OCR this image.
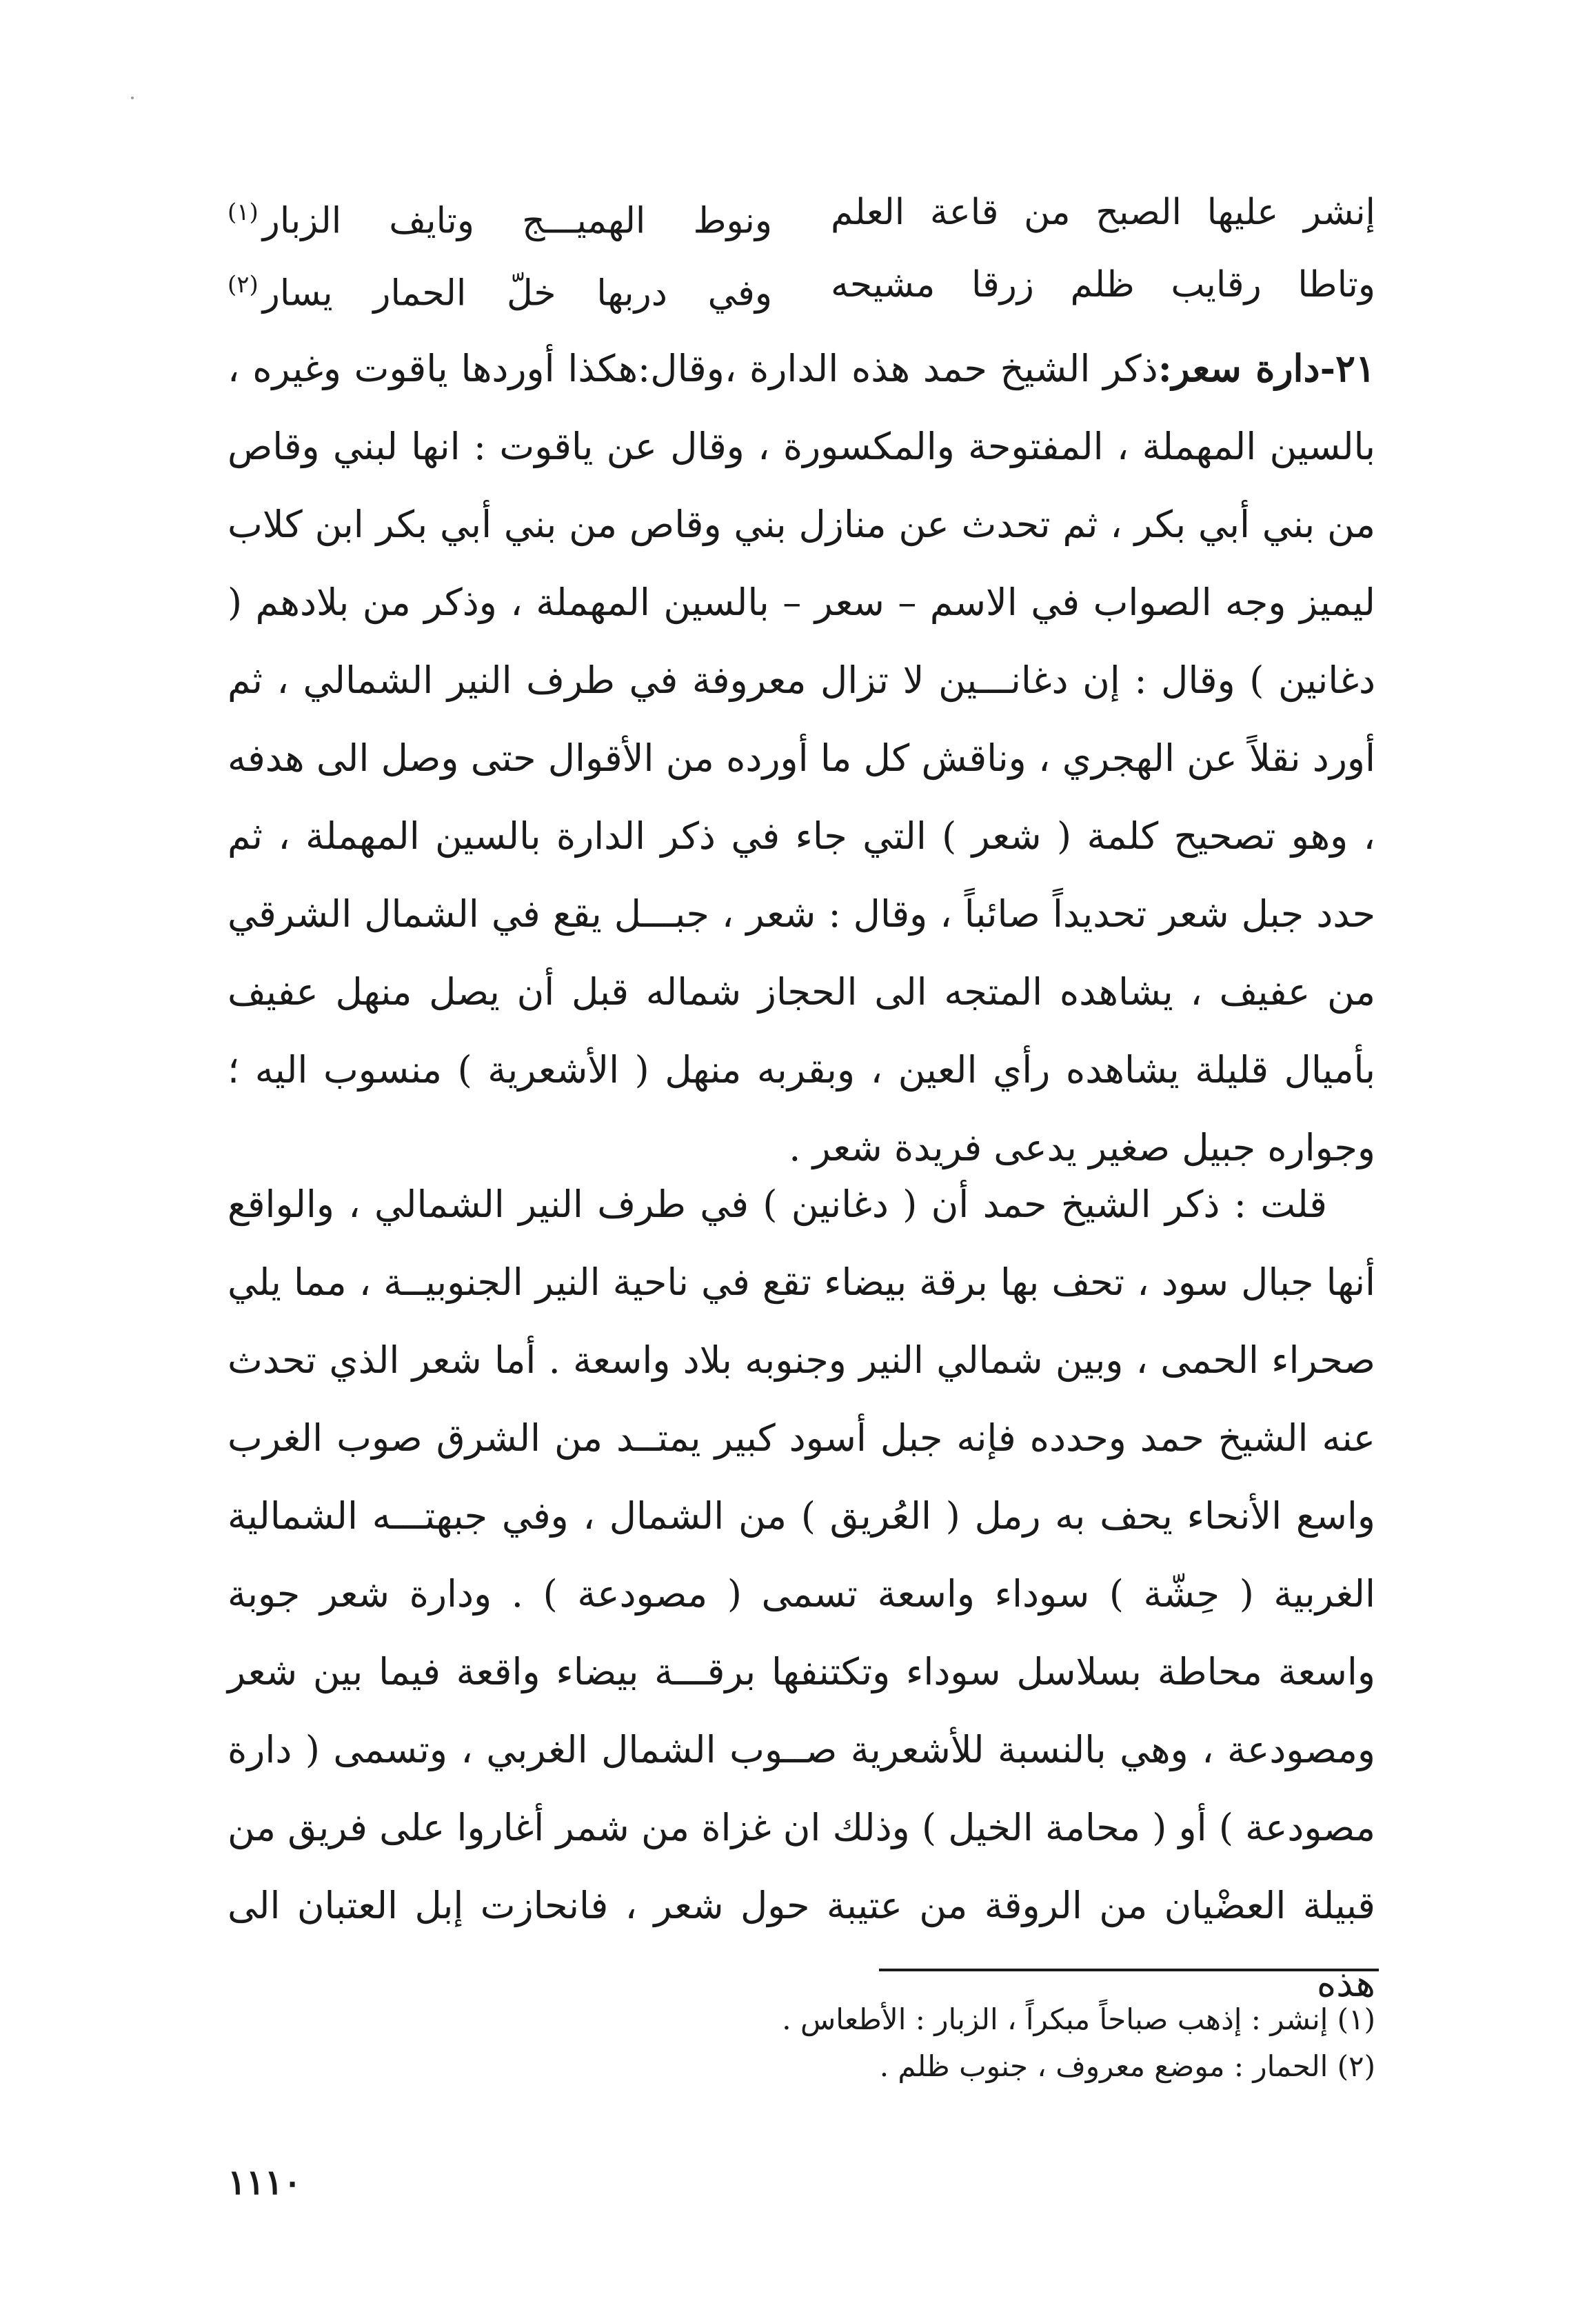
إنشر عليها الصبح من قاعة العلم
ونوط الهميـــج وتايف الزبار$^{(١)}$
وتاطا رقايب ظلم زرقا مشيحه
وفي دربها خلّ الحمار يسار$^{(٢)}$
٢١-دارة سعر:ذكر الشيخ حمد هذه الدارة ،وقال:هكذا أوردها ياقوت وغيره ، بالسين المهملة ، المفتوحة والمكسورة ، وقال عن ياقوت : انها لبني وقاص من بني أبي بكر ، ثم تحدث عن منازل بني وقاص من بني أبي بكر ابن كلاب ليميز وجه الصواب في الاسم – سعر – بالسين المهملة ، وذكر من بلادهم ( دغانين ) وقال : إن دغانـــين لا تزال معروفة في طرف النير الشمالي ، ثم أورد نقلاً عن الهجري ، وناقش كل ما أورده من الأقوال حتى وصل الى هدفه ، وهو تصحيح كلمة ( شعر ) التي جاء في ذكر الدارة بالسين المهملة ، ثم حدد جبل شعر تحديداً صائباً ، وقال : شعر ، جبـــل يقع في الشمال الشرقي من عفيف ، يشاهده المتجه الى الحجاز شماله قبل أن يصل منهل عفيف بأميال قليلة يشاهده رأي العين ، وبقربه منهل ( الأشعرية ) منسوب اليه ؛ وجواره جبيل صغير يدعى فريدة شعر .
قلت : ذكر الشيخ حمد أن ( دغانين ) في طرف النير الشمالي ، والواقع أنها جبال سود ، تحف بها برقة بيضاء تقع في ناحية النير الجنوبيــة ، مما يلي صحراء الحمى ، وبين شمالي النير وجنوبه بلاد واسعة . أما شعر الذي تحدث عنه الشيخ حمد وحدده فإنه جبل أسود كبير يمتــد من الشرق صوب الغرب واسع الأنحاء يحف به رمل ( العُريق ) من الشمال ، وفي جبهتـــه الشمالية الغربية ( حِشّة ) سوداء واسعة تسمى ( مصودعة ) . ودارة شعر جوبة واسعة محاطة بسلاسل سوداء وتكتنفها برقـــة بيضاء واقعة فيما بين شعر ومصودعة ، وهي بالنسبة للأشعرية صــوب الشمال الغربي ، وتسمى ( دارة مصودعة ) أو ( محامة الخيل ) وذلك ان غزاة من شمر أغاروا على فريق من قبيلة العضْيان من الروقة من عتيبة حول شعر ، فانحازت إبل العتبان الى هذه
(١) إنشر : إذهب صباحاً مبكراً ، الزبار : الأطعاس .
(٢) الحمار : موضع معروف ، جنوب ظلم .
١١١٠
